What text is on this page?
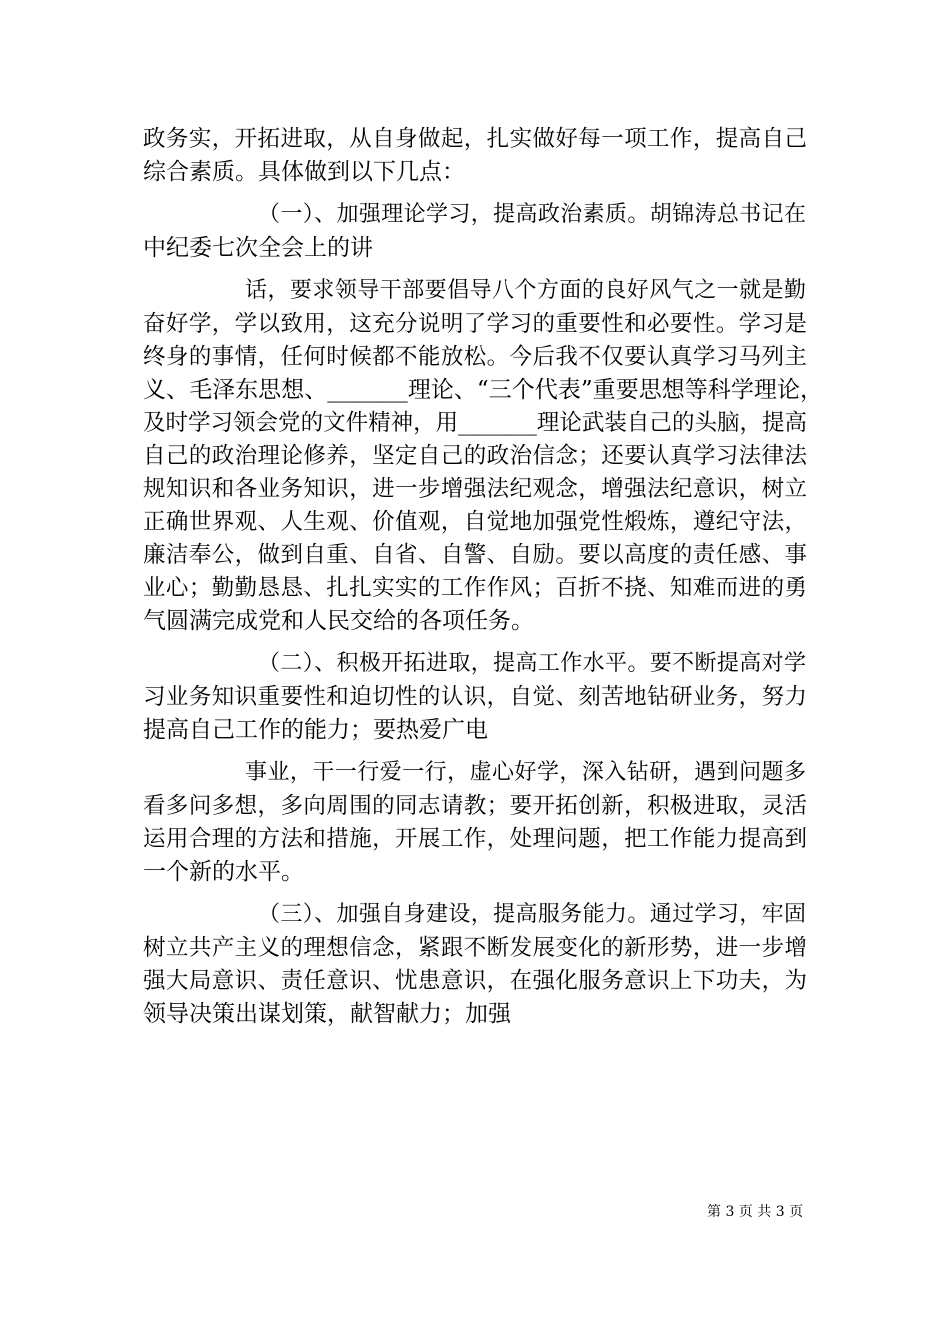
政务实，开拓进取，从自身做起，扎实做好每一项工作，提高自己
综合素质。具体做到以下几点：
（一）、加强理论学习，提高政治素质。胡锦涛总书记在
中纪委七次全会上的讲
话，要求领导干部要倡导八个方面的良好风气之一就是勤
奋好学，学以致用，这充分说明了学习的重要性和必要性。学习是
终身的事情，任何时候都不能放松。今后我不仅要认真学习马列主
义、毛泽东思想、_______理论、“三个代表”重要思想等科学理论，
及时学习领会党的文件精神，用_______理论武装自己的头脑，提高
自己的政治理论修养，坚定自己的政治信念；还要认真学习法律法
规知识和各业务知识，进一步增强法纪观念，增强法纪意识，树立
正确世界观、人生观、价值观，自觉地加强党性煅炼，遵纪守法，
廉洁奉公，做到自重、自省、自警、自励。要以高度的责任感、事
业心；勤勤恳恳、扎扎实实的工作作风；百折不挠、知难而进的勇
气圆满完成党和人民交给的各项任务。
（二）、积极开拓进取，提高工作水平。要不断提高对学
习业务知识重要性和迫切性的认识，自觉、刻苦地钻研业务，努力
提高自己工作的能力；要热爱广电
事业，干一行爱一行，虚心好学，深入钻研，遇到问题多
看多问多想，多向周围的同志请教；要开拓创新，积极进取，灵活
运用合理的方法和措施，开展工作，处理问题，把工作能力提高到
一个新的水平。
（三）、加强自身建设，提高服务能力。通过学习，牢固
树立共产主义的理想信念，紧跟不断发展变化的新形势，进一步增
强大局意识、责任意识、忧患意识，在强化服务意识上下功夫，为
领导决策出谋划策，献智献力；加强
第 3 页 共 3 页
